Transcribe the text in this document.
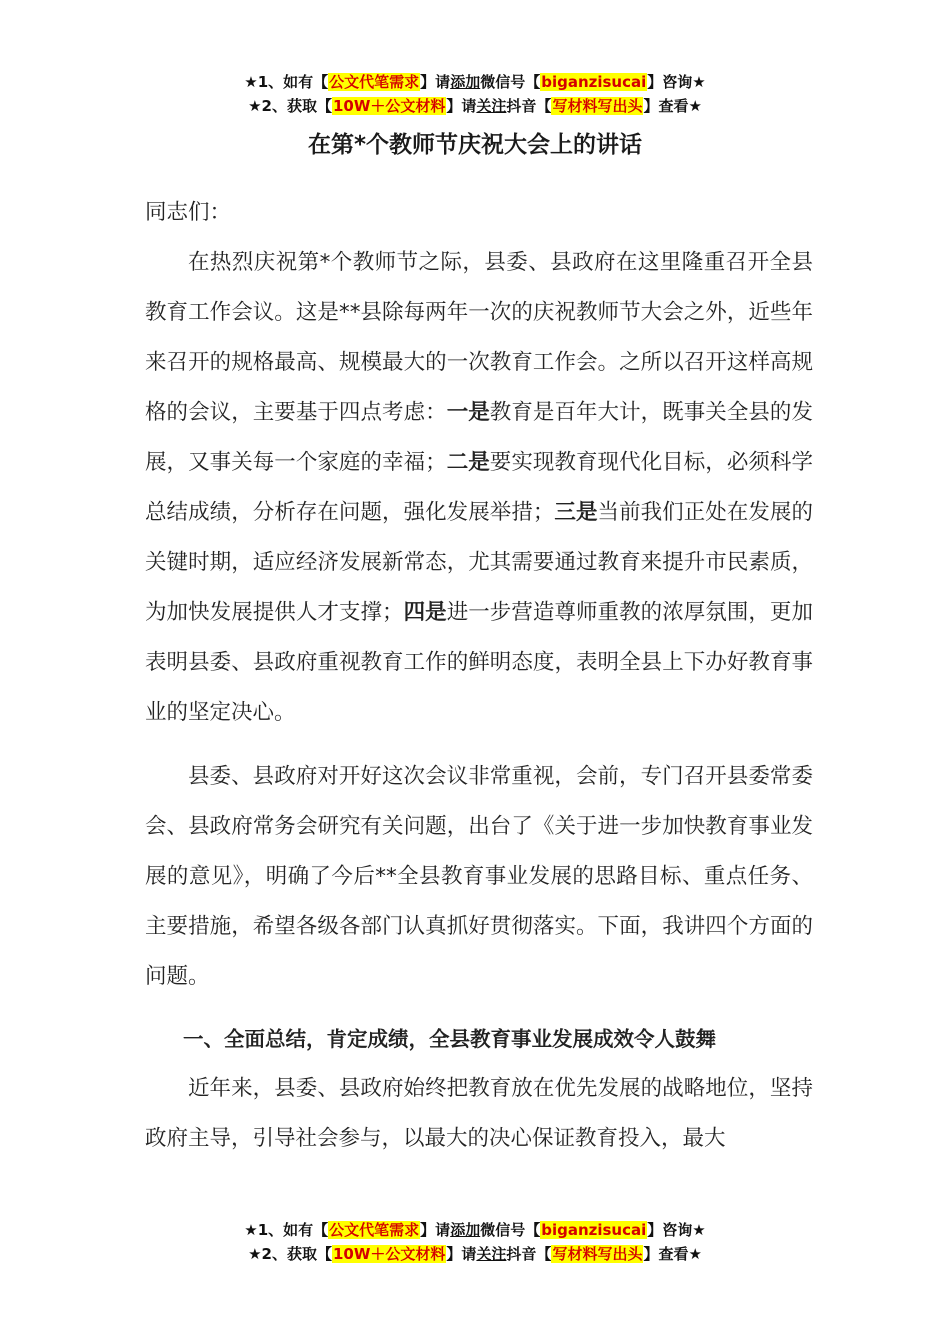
★1、如有【公文代笔需求】请添加微信号【biganzisucai】咨询★
★2、获取【10W＋公文材料】请关注抖音【写材料写出头】查看★
在第*个教师节庆祝大会上的讲话

同志们：

在热烈庆祝第*个教师节之际，县委、县政府在这里隆重召开全县教育工作会议。这是**县除每两年一次的庆祝教师节大会之外，近些年来召开的规格最高、规模最大的一次教育工作会。之所以召开这样高规格的会议，主要基于四点考虑：一是教育是百年大计，既事关全县的发展，又事关每一个家庭的幸福；二是要实现教育现代化目标，必须科学总结成绩，分析存在问题，强化发展举措；三是当前我们正处在发展的关键时期，适应经济发展新常态，尤其需要通过教育来提升市民素质，为加快发展提供人才支撑；四是进一步营造尊师重教的浓厚氛围，更加表明县委、县政府重视教育工作的鲜明态度，表明全县上下办好教育事业的坚定决心。

县委、县政府对开好这次会议非常重视，会前，专门召开县委常委会、县政府常务会研究有关问题，出台了《关于进一步加快教育事业发展的意见》，明确了今后**全县教育事业发展的思路目标、重点任务、主要措施，希望各级各部门认真抓好贯彻落实。下面，我讲四个方面的问题。

一、全面总结，肯定成绩，全县教育事业发展成效令人鼓舞

近年来，县委、县政府始终把教育放在优先发展的战略地位，坚持政府主导，引导社会参与，以最大的决心保证教育投入，最大

★1、如有【公文代笔需求】请添加微信号【biganzisucai】咨询★
★2、获取【10W＋公文材料】请关注抖音【写材料写出头】查看★
